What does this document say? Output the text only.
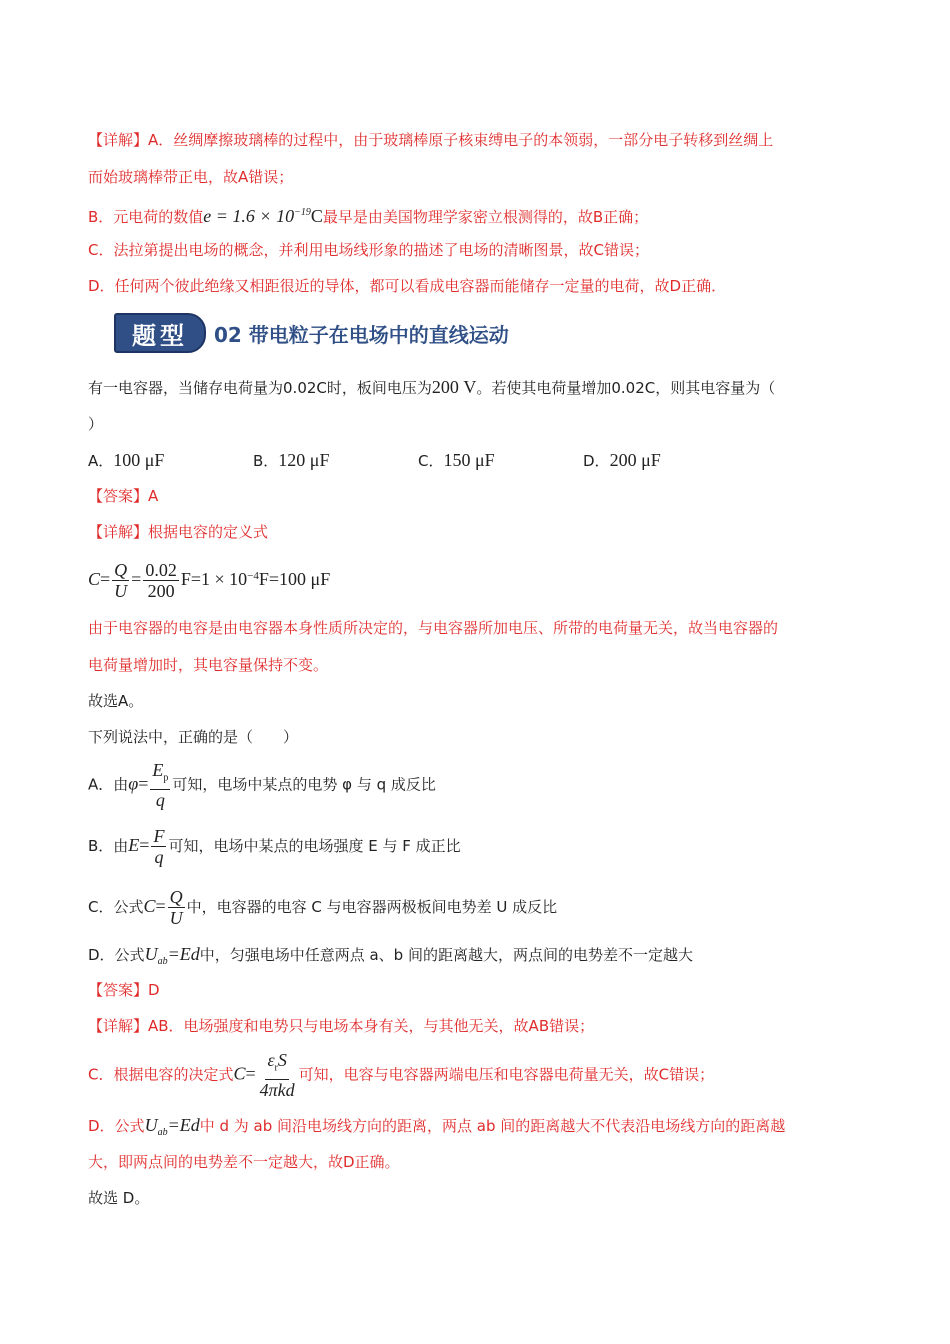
【详解】A．丝绸摩擦玻璃棒的过程中，由于玻璃棒原子核束缚电子的本领弱，一部分电子转移到丝绸上
而始玻璃棒带正电，故A错误；
B．元电荷的数值$e = 1.6 \times 10^{-19}C$最早是由美国物理学家密立根测得的，故B正确；
C．法拉第提出电场的概念，并利用电场线形象的描述了电场的清晰图景，故C错误；
D．任何两个彼此绝缘又相距很近的导体，都可以看成电容器而能储存一定量的电荷，故D正确．
题型	02 带电粒子在电场中的直线运动
有一电容器，当储存电荷量为0.02C时，板间电压为200 V。若使其电荷量增加0.02C，则其电容量为（
）
A．100 μF	B．120 μF	C．150 μF	D．200 μF
【答案】A
【详解】根据电容的定义式
$C= \frac{Q}{U} = \frac{0.02}{200} F=1 \times 10^{-4}F=100$ μF
由于电容器的电容是由电容器本身性质所决定的，与电容器所加电压、所带的电荷量无关，故当电容器的
电荷量增加时，其电容量保持不变。
故选A。
下列说法中，正确的是（　　）
A．由$\varphi= \frac{E_p}{q}$ 可知，电场中某点的电势 φ 与 q 成反比
B．由$E= \frac{F}{q}$ 可知，电场中某点的电场强度 E 与 F 成正比
C．公式$C= \frac{Q}{U}$ 中，电容器的电容 C 与电容器两极板间电势差 U 成反比
D．公式$U_{ab}=Ed$中，匀强电场中任意两点 a、b 间的距离越大，两点间的电势差不一定越大
【答案】D
【详解】AB．电场强度和电势只与电场本身有关，与其他无关，故AB错误；
C．根据电容的决定式$C= \frac{\varepsilon_rS}{\text{4πkd}}$ 可知，电容与电容器两端电压和电容器电荷量无关，故C错误；
D．公式$U_{ab}=Ed$中 d 为 ab 间沿电场线方向的距离，两点 ab 间的距离越大不代表沿电场线方向的距离越
大，即两点间的电势差不一定越大，故D正确。
故选 D。
